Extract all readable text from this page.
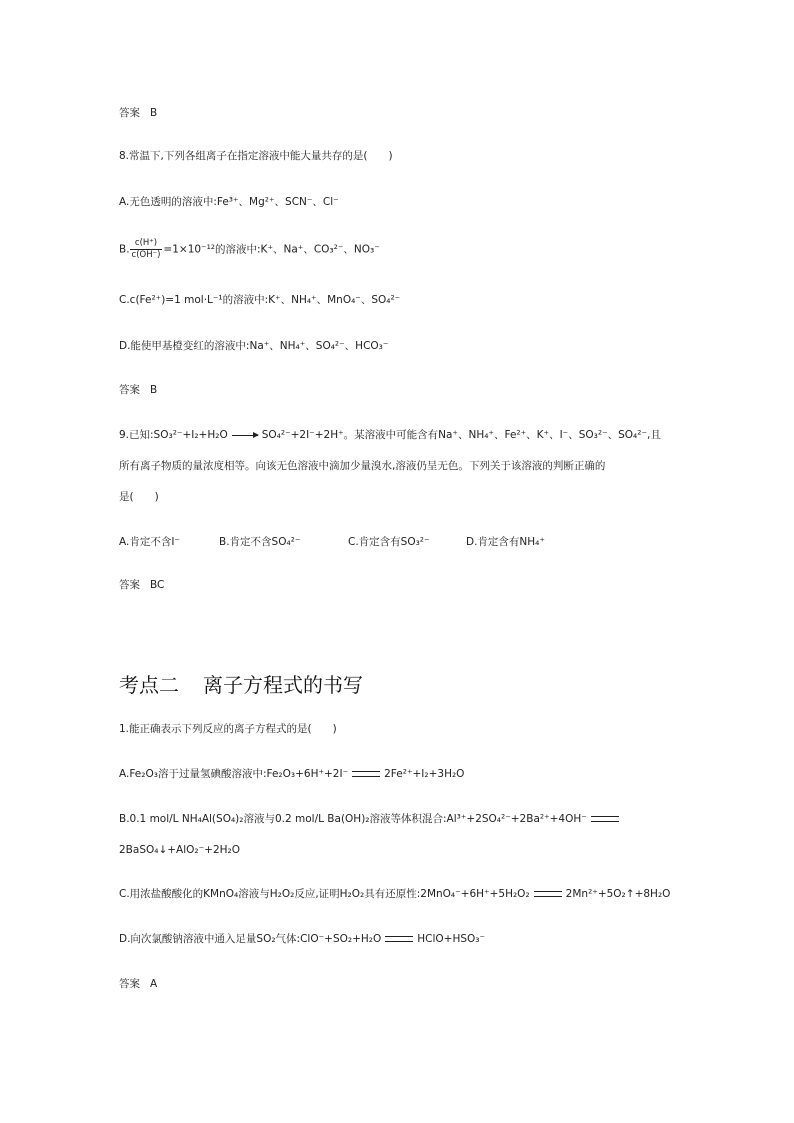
答案 B
8.常温下,下列各组离子在指定溶液中能大量共存的是(　　)
A.无色透明的溶液中:Fe³⁺、Mg²⁺、SCN⁻、Cl⁻
B. $\frac{c(H^+)}{c(OH^-)} =1\times 10^{-12}$的溶液中:K⁺、Na⁺、CO₃²⁻、NO₃⁻
C.c(Fe²⁺)=1 mol·L⁻¹的溶液中:K⁺、NH₄⁺、MnO₄⁻、SO₄²⁻
D.能使甲基橙变红的溶液中:Na⁺、NH₄⁺、SO₄²⁻、HCO₃⁻
答案 B
9.已知:SO₃²⁻+I₂+H₂O → SO₄²⁻+2I⁻+2H⁺。某溶液中可能含有Na⁺、NH₄⁺、Fe²⁺、K⁺、I⁻、SO₃²⁻、SO₄²⁻,且
所有离子物质的量浓度相等。向该无色溶液中滴加少量溴水,溶液仍呈无色。下列关于该溶液的判断正确的
是(　　)
A.肯定不含I⁻	B.肯定不含SO₄²⁻	C.肯定含有SO₃²⁻	D.肯定含有NH₄⁺
答案 BC
考点二 离子方程式的书写
1.能正确表示下列反应的离子方程式的是(　　)
A.Fe₂O₃溶于过量氢碘酸溶液中:Fe₂O₃+6H⁺+2I⁻	2Fe²⁺+I₂+3H₂O
B.0.1 mol/L NH₄Al(SO₄)₂溶液与0.2 mol/L Ba(OH)₂溶液等体积混合:Al³⁺+2SO₄²⁻+2Ba²⁺+4OH⁻
2BaSO₄↓+AlO₂⁻+2H₂O
C.用浓盐酸酸化的KMnO₄溶液与H₂O₂反应,证明H₂O₂具有还原性:2MnO₄⁻+6H⁺+5H₂O₂	2Mn²⁺+5O₂↑+8H₂O
D.向次氯酸钠溶液中通入足量SO₂气体:ClO⁻+SO₂+H₂O	HClO+HSO₃⁻
答案 A
